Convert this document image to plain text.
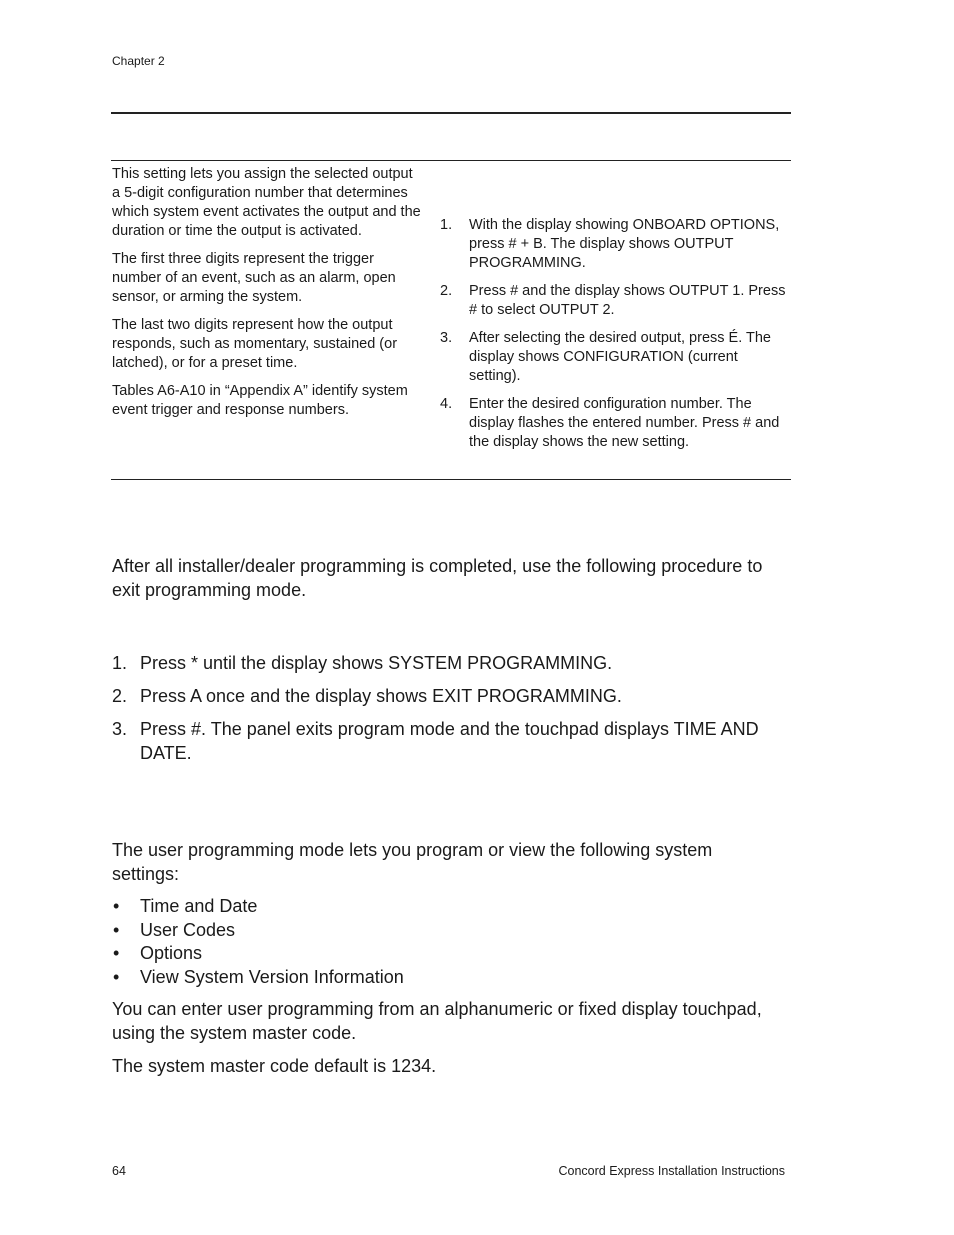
Chapter 2

This setting lets you assign the selected output a 5-digit configuration number that determines which system event activates the output and the duration or time the output is activated.

The first three digits represent the trigger number of an event, such as an alarm, open sensor, or arming the system.

The last two digits represent how the output responds, such as momentary, sustained (or latched), or for a preset time.

Tables A6-A10 in “Appendix A” identify system event trigger and response numbers.

1. With the display showing ONBOARD OPTIONS, press # + B. The display shows OUTPUT PROGRAMMING.
2. Press # and the display shows OUTPUT 1. Press # to select OUTPUT 2.
3. After selecting the desired output, press É. The display shows CONFIGURATION (current setting).
4. Enter the desired configuration number. The display flashes the entered number. Press # and the display shows the new setting.
After all installer/dealer programming is completed, use the following procedure to exit programming mode.
1. Press * until the display shows SYSTEM PROGRAMMING.
2. Press A once and the display shows EXIT PROGRAMMING.
3. Press #. The panel exits program mode and the touchpad displays TIME AND DATE.
The user programming mode lets you program or view the following system settings:
• Time and Date
• User Codes
• Options
• View System Version Information
You can enter user programming from an alphanumeric or fixed display touchpad, using the system master code.
The system master code default is 1234.
64	Concord Express Installation Instructions
